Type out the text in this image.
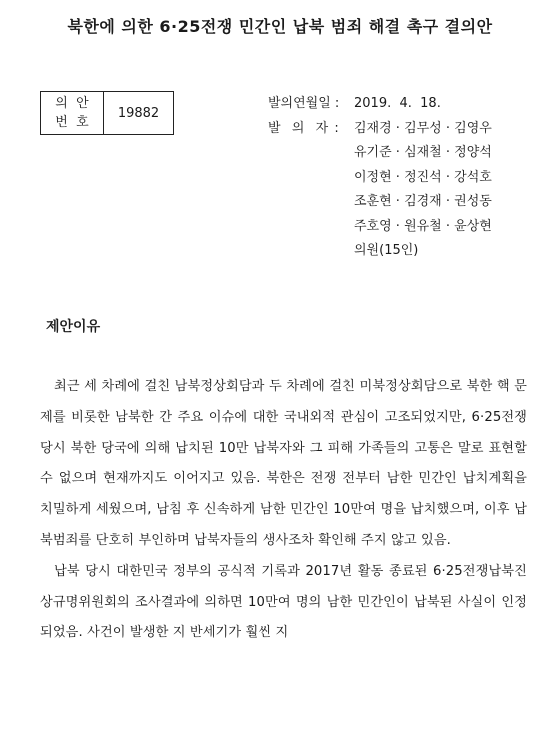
북한에 의한 6·25전쟁 민간인 납북 범죄 해결 촉구 결의안
의  안
번  호
19882
발의연월일 :	2019.  4.  18.
발  의  자 :	김재경 · 김무성 · 김영우
유기준 · 심재철 · 정양석
이정현 · 정진석 · 강석호
조훈현 · 김경재 · 권성동
주호영 · 원유철 · 윤상현
의원(15인)
제안이유

최근 세 차례에 걸친 남북정상회담과 두 차례에 걸친 미북정상회담으로 북한 핵 문제를 비롯한 남북한 간 주요 이슈에 대한 국내외적 관심이 고조되었지만, 6·25전쟁 당시 북한 당국에 의해 납치된 10만 납북자와 그 피해 가족들의 고통은 말로 표현할 수 없으며 현재까지도 이어지고 있음. 북한은 전쟁 전부터 남한 민간인 납치계획을 치밀하게 세웠으며, 남침 후 신속하게 남한 민간인 10만여 명을 납치했으며, 이후 납북범죄를 단호히 부인하며 납북자들의 생사조차 확인해 주지 않고 있음.

납북 당시 대한민국 정부의 공식적 기록과 2017년 활동 종료된 6·25전쟁납북진상규명위원회의 조사결과에 의하면 10만여 명의 남한 민간인이 납북된 사실이 인정되었음. 사건이 발생한 지 반세기가 훨씬 지
